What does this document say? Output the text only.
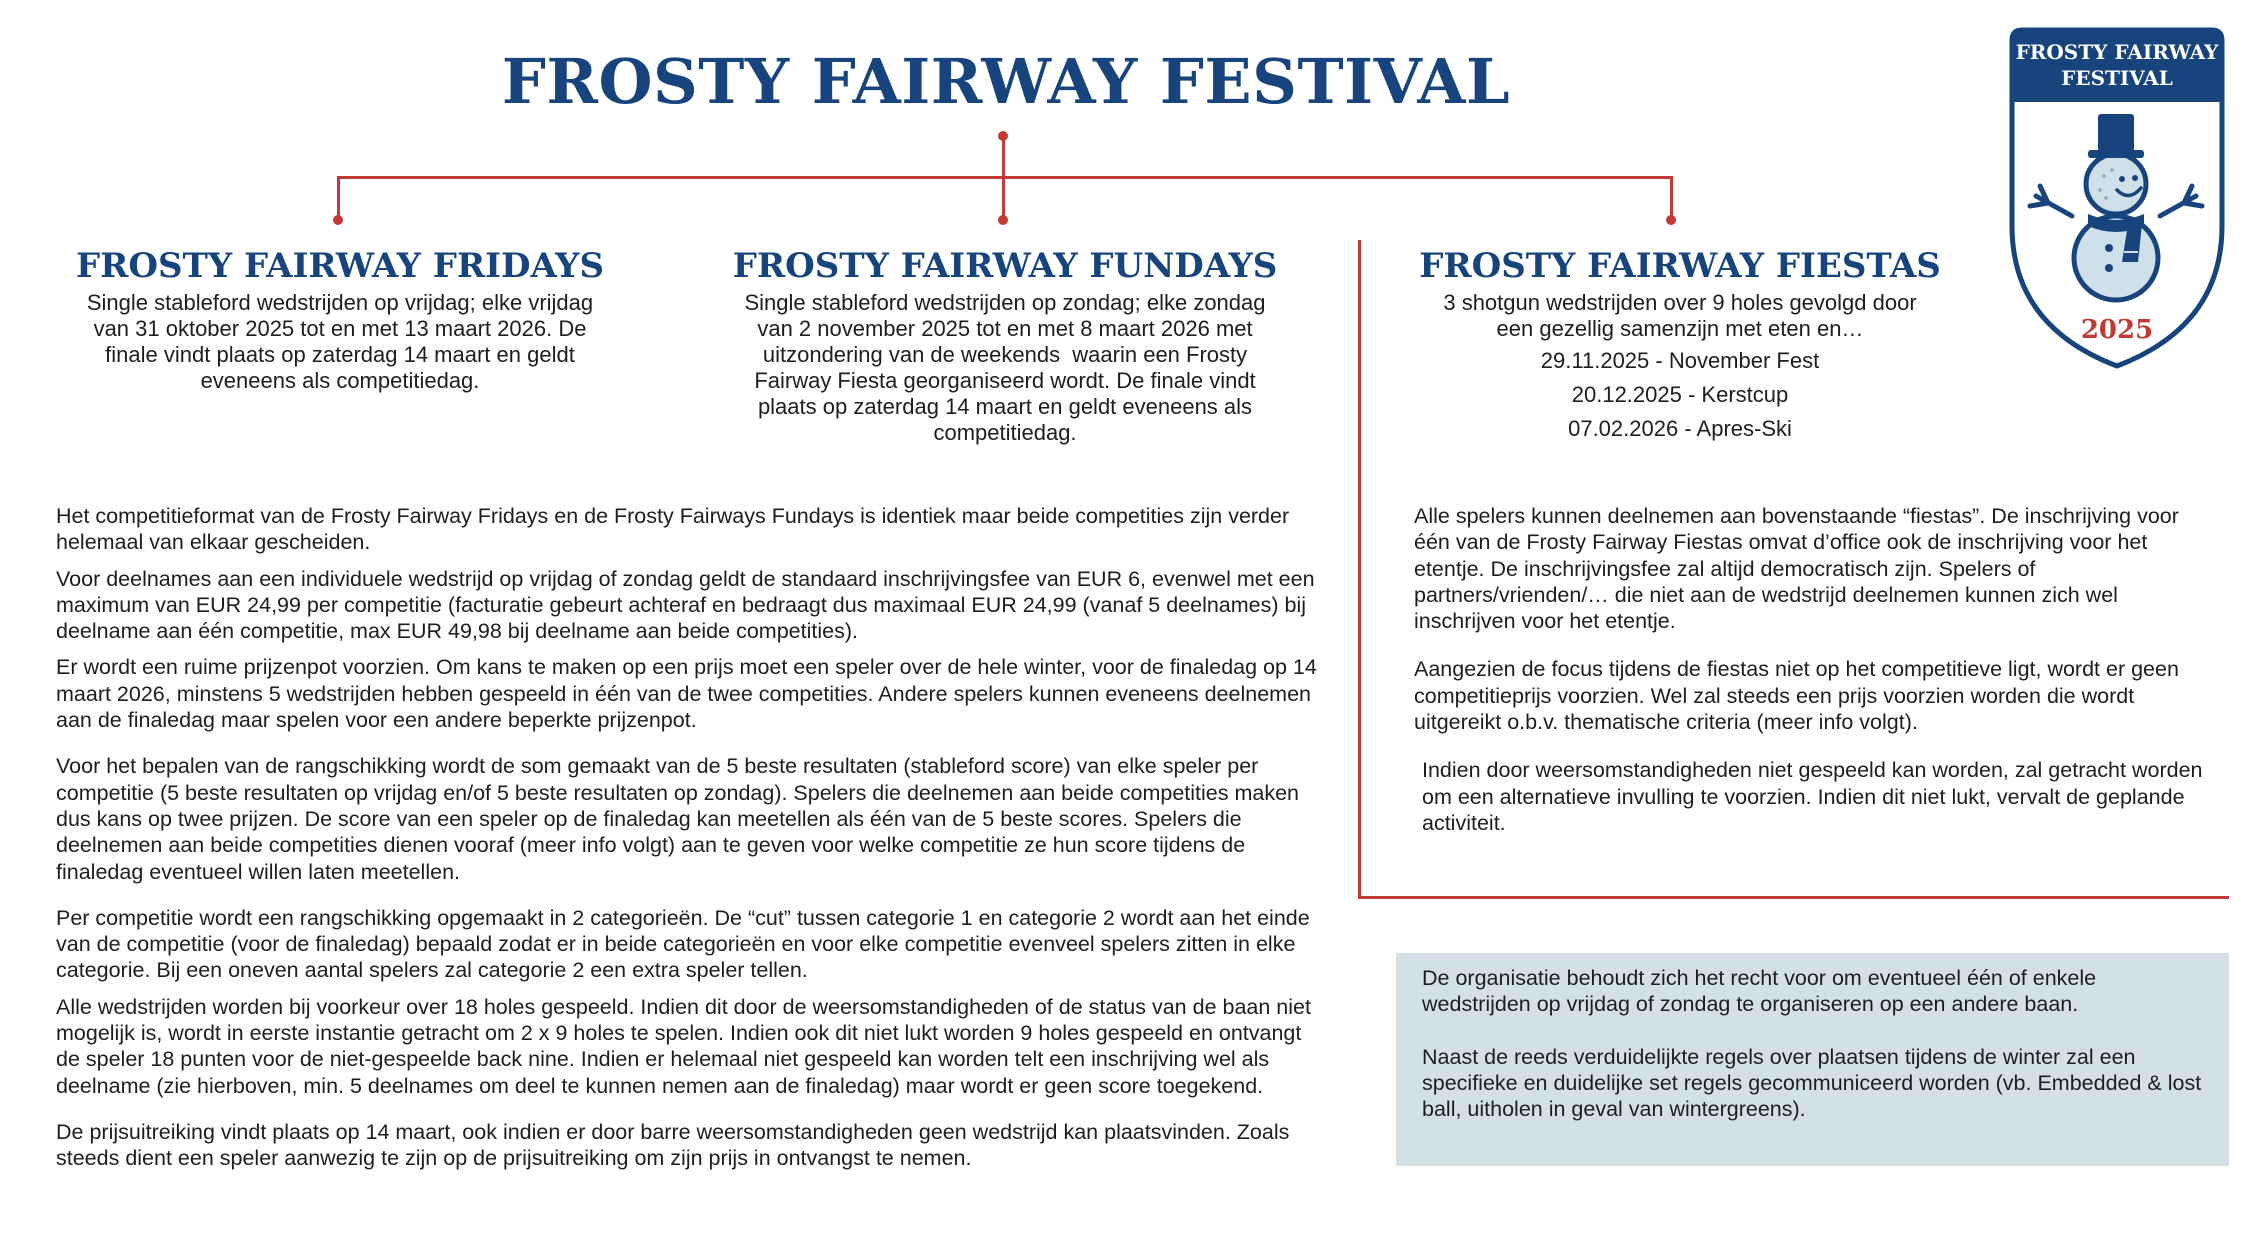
FROSTY FAIRWAY FESTIVAL
FROSTY FAIRWAY FRIDAYS
Single stableford wedstrijden op vrijdag; elke vrijdag
van 31 oktober 2025 tot en met 13 maart 2026. De
finale vindt plaats op zaterdag 14 maart en geldt
eveneens als competitiedag.
FROSTY FAIRWAY FUNDAYS
Single stableford wedstrijden op zondag; elke zondag
van 2 november 2025 tot en met 8 maart 2026 met
uitzondering van de weekends  waarin een Frosty
Fairway Fiesta georganiseerd wordt. De finale vindt
plaats op zaterdag 14 maart en geldt eveneens als
competitiedag.
FROSTY FAIRWAY FIESTAS
3 shotgun wedstrijden over 9 holes gevolgd door
een gezellig samenzijn met eten en…

29.11.2025 - November Fest

20.12.2025 - Kerstcup

07.02.2026 - Apres-Ski

Het competitieformat van de Frosty Fairway Fridays en de Frosty Fairways Fundays is identiek maar beide competities zijn verder helemaal van elkaar gescheiden.

Voor deelnames aan een individuele wedstrijd op vrijdag of zondag geldt de standaard inschrijvingsfee van EUR 6, evenwel met een maximum van EUR 24,99 per competitie (facturatie gebeurt achteraf en bedraagt dus maximaal EUR 24,99 (vanaf 5 deelnames) bij deelname aan één competitie, max EUR 49,98 bij deelname aan beide competities).

Er wordt een ruime prijzenpot voorzien. Om kans te maken op een prijs moet een speler over de hele winter, voor de finaledag op 14 maart 2026, minstens 5 wedstrijden hebben gespeeld in één van de twee competities. Andere spelers kunnen eveneens deelnemen aan de finaledag maar spelen voor een andere beperkte prijzenpot.

Voor het bepalen van de rangschikking wordt de som gemaakt van de 5 beste resultaten (stableford score) van elke speler per competitie (5 beste resultaten op vrijdag en/of 5 beste resultaten op zondag). Spelers die deelnemen aan beide competities maken dus kans op twee prijzen. De score van een speler op de finaledag kan meetellen als één van de 5 beste scores. Spelers die deelnemen aan beide competities dienen vooraf (meer info volgt) aan te geven voor welke competitie ze hun score tijdens de finaledag eventueel willen laten meetellen.

Per competitie wordt een rangschikking opgemaakt in 2 categorieën. De “cut” tussen categorie 1 en categorie 2 wordt aan het einde van de competitie (voor de finaledag) bepaald zodat er in beide categorieën en voor elke competitie evenveel spelers zitten in elke categorie. Bij een oneven aantal spelers zal categorie 2 een extra speler tellen.

Alle wedstrijden worden bij voorkeur over 18 holes gespeeld. Indien dit door de weersomstandigheden of de status van de baan niet mogelijk is, wordt in eerste instantie getracht om 2 x 9 holes te spelen. Indien ook dit niet lukt worden 9 holes gespeeld en ontvangt de speler 18 punten voor de niet-gespeelde back nine. Indien er helemaal niet gespeeld kan worden telt een inschrijving wel als deelname (zie hierboven, min. 5 deelnames om deel te kunnen nemen aan de finaledag) maar wordt er geen score toegekend.

De prijsuitreiking vindt plaats op 14 maart, ook indien er door barre weersomstandigheden geen wedstrijd kan plaatsvinden. Zoals steeds dient een speler aanwezig te zijn op de prijsuitreiking om zijn prijs in ontvangst te nemen.

Alle spelers kunnen deelnemen aan bovenstaande “fiestas”. De inschrijving voor één van de Frosty Fairway Fiestas omvat d’office ook de inschrijving voor het etentje. De inschrijvingsfee zal altijd democratisch zijn. Spelers of partners/vrienden/… die niet aan de wedstrijd deelnemen kunnen zich wel inschrijven voor het etentje.

Aangezien de focus tijdens de fiestas niet op het competitieve ligt, wordt er geen competitieprijs voorzien. Wel zal steeds een prijs voorzien worden die wordt uitgereikt o.b.v. thematische criteria (meer info volgt).

Indien door weersomstandigheden niet gespeeld kan worden, zal getracht worden om een alternatieve invulling te voorzien. Indien dit niet lukt, vervalt de geplande activiteit.

De organisatie behoudt zich het recht voor om eventueel één of enkele wedstrijden op vrijdag of zondag te organiseren op een andere baan.

Naast de reeds verduidelijkte regels over plaatsen tijdens de winter zal een specifieke en duidelijke set regels gecommuniceerd worden (vb. Embedded & lost ball, uitholen in geval van wintergreens).

FROSTY FAIRWAY
FESTIVAL
2025
